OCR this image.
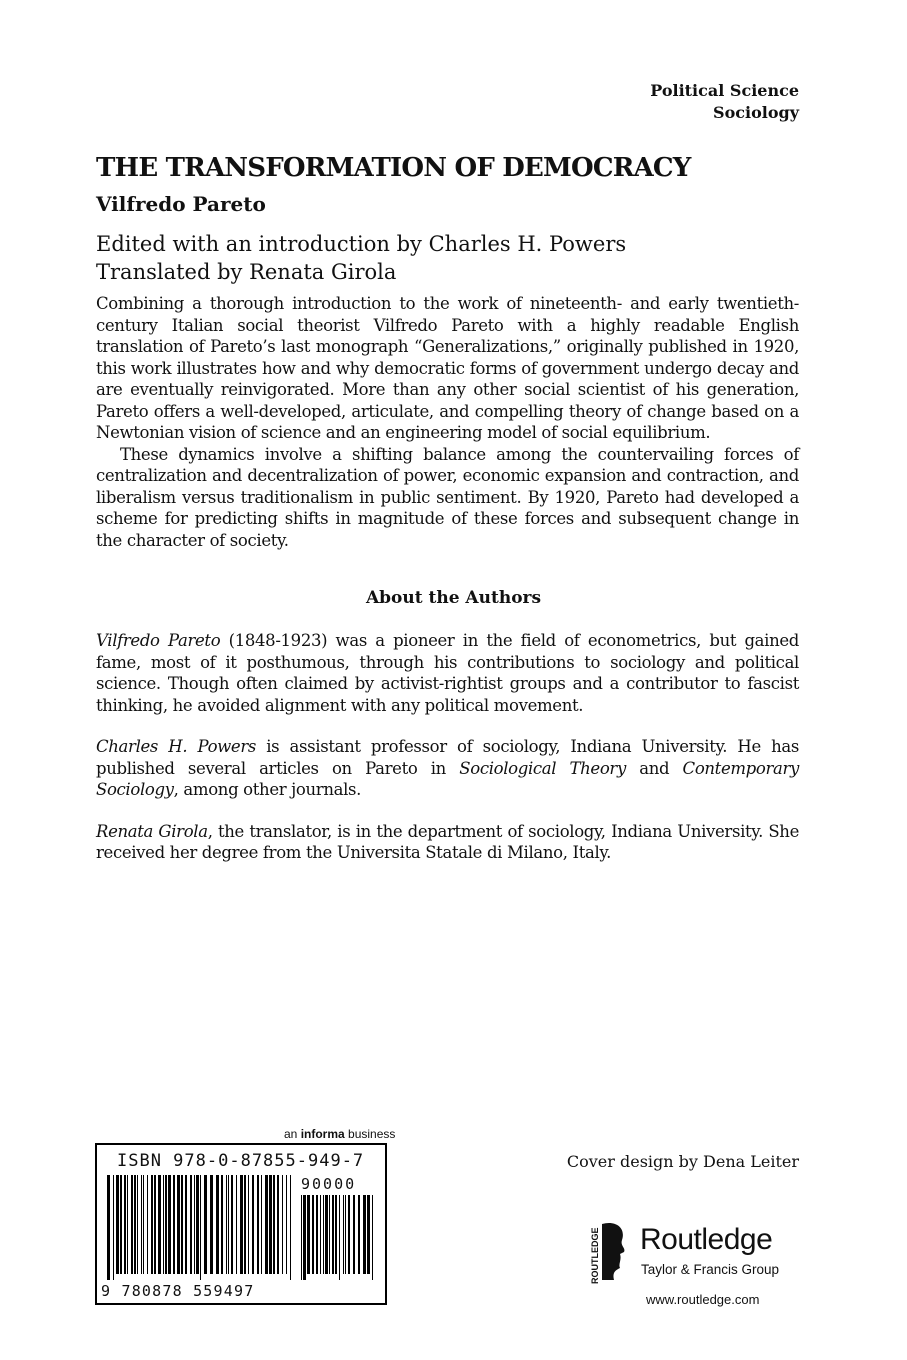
Political Science
Sociology
THE TRANSFORMATION OF DEMOCRACY
Vilfredo Pareto
Edited with an introduction by Charles H. Powers
Translated by Renata Girola

Combining a thorough introduction to the work of nineteenth- and early twentieth-century Italian social theorist Vilfredo Pareto with a highly readable English translation of Pareto’s last monograph “Generalizations,” originally published in 1920, this work illustrates how and why democratic forms of government undergo decay and are eventually reinvigorated. More than any other social scientist of his generation, Pareto offers a well-developed, articulate, and compelling theory of change based on a Newtonian vision of science and an engineering model of social equilibrium.

These dynamics involve a shifting balance among the countervailing forces of centralization and decentralization of power, economic expansion and contraction, and liberalism versus traditionalism in public sentiment. By 1920, Pareto had developed a scheme for predicting shifts in magnitude of these forces and subsequent change in the character of society.

About the Authors

Vilfredo Pareto (1848-1923) was a pioneer in the field of econometrics, but gained fame, most of it posthumous, through his contributions to sociology and political science. Though often claimed by activist-rightist groups and a contributor to fascist thinking, he avoided alignment with any political movement.

Charles H. Powers is assistant professor of sociology, Indiana University. He has published several articles on Pareto in Sociological Theory and Contemporary Sociology, among other journals.

Renata Girola, the translator, is in the department of sociology, Indiana University. She received her degree from the Universita Statale di Milano, Italy.

an informa business
ISBN 978-0-87855-949-7
90000
9 780878 559497
Cover design by Dena Leiter
ROUTLEDGE Routledge
Taylor & Francis Group
www.routledge.com
